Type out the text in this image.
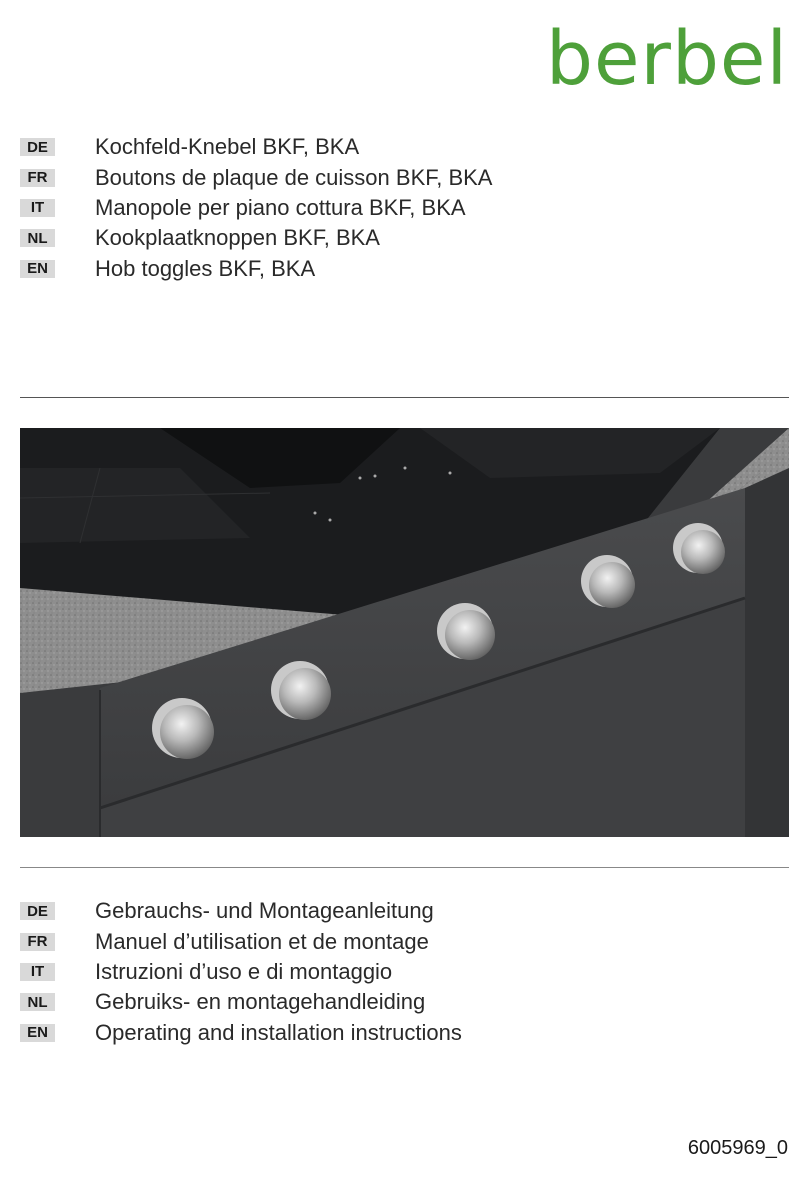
berbel
DE	Kochfeld-Knebel BKF, BKA
FR	Boutons de plaque de cuisson BKF, BKA
IT	Manopole per piano cottura BKF, BKA
NL	Kookplaatknoppen BKF, BKA
EN	Hob toggles BKF, BKA
DE	Gebrauchs- und Montageanleitung
FR	Manuel d’utilisation et de montage
IT	Istruzioni d’uso e di montaggio
NL	Gebruiks- en montagehandleiding
EN	Operating and installation instructions
6005969_0
